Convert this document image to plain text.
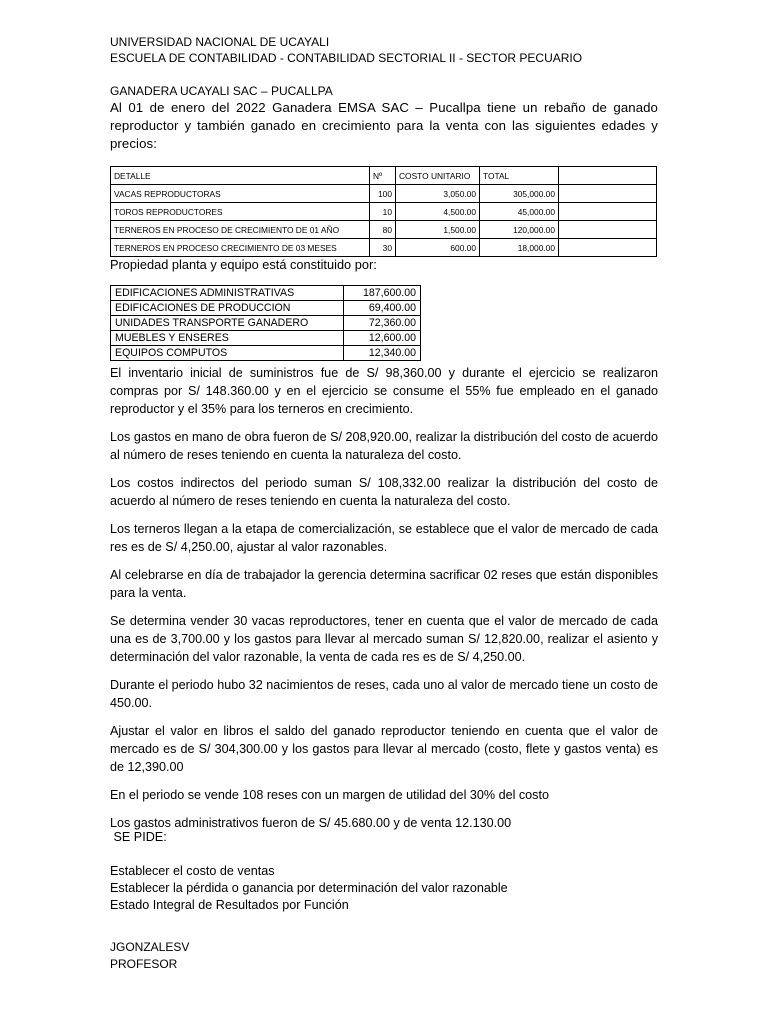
UNIVERSIDAD NACIONAL DE UCAYALI
ESCUELA DE CONTABILIDAD - CONTABILIDAD SECTORIAL II - SECTOR PECUARIO
GANADERA UCAYALI SAC – PUCALLPA
Al 01 de enero del 2022 Ganadera EMSA SAC – Pucallpa tiene un rebaño de ganado reproductor y también ganado en crecimiento para la venta con las siguientes edades y precios:
DETALLE	Nº	COSTO UNITARIO	TOTAL	
VACAS REPRODUCTORAS	100	3,050.00	305,000.00	
TOROS REPRODUCTORES	10	4,500.00	45,000.00	
TERNEROS EN PROCESO DE CRECIMIENTO DE 01 AÑO	80	1,500.00	120,000.00	
TERNEROS EN PROCESO CRECIMIENTO DE 03 MESES	30	600.00	18,000.00	
Propiedad planta y equipo está constituido por:
EDIFICACIONES ADMINISTRATIVAS	187,600.00
EDIFICACIONES DE PRODUCCION	69,400.00
UNIDADES TRANSPORTE GANADERO	72,360.00
MUEBLES Y ENSERES	12,600.00
EQUIPOS COMPUTOS	12,340.00

El inventario inicial de suministros fue de S/ 98,360.00 y durante el ejercicio se realizaron compras por S/ 148.360.00 y en el ejercicio se consume el 55% fue empleado en el ganado reproductor y el 35% para los terneros en crecimiento.

Los gastos en mano de obra fueron de S/ 208,920.00, realizar la distribución del costo de acuerdo al número de reses teniendo en cuenta la naturaleza del costo.

Los costos indirectos del periodo suman S/ 108,332.00 realizar la distribución del costo de acuerdo al número de reses teniendo en cuenta la naturaleza del costo.

Los terneros llegan a la etapa de comercialización, se establece que el valor de mercado de cada res es de S/ 4,250.00, ajustar al valor razonables.

Al celebrarse en día de trabajador la gerencia determina sacrificar 02 reses que están disponibles para la venta.

Se determina vender 30 vacas reproductores, tener en cuenta que el valor de mercado de cada una es de 3,700.00 y los gastos para llevar al mercado suman S/ 12,820.00, realizar el asiento y determinación del valor razonable, la venta de cada res es de S/ 4,250.00.

Durante el periodo hubo 32 nacimientos de reses, cada uno al valor de mercado tiene un costo de 450.00.

Ajustar el valor en libros el saldo del ganado reproductor teniendo en cuenta que el valor de mercado es de S/ 304,300.00 y los gastos para llevar al mercado (costo, flete y gastos venta) es de 12,390.00

En el periodo se vende 108 reses con un margen de utilidad del 30% del costo

Los gastos administrativos fueron de S/ 45.680.00 y de venta 12.130.00

SE PIDE:
Establecer el costo de ventas
Establecer la pérdida o ganancia por determinación del valor razonable
Estado Integral de Resultados por Función
JGONZALESV
PROFESOR
